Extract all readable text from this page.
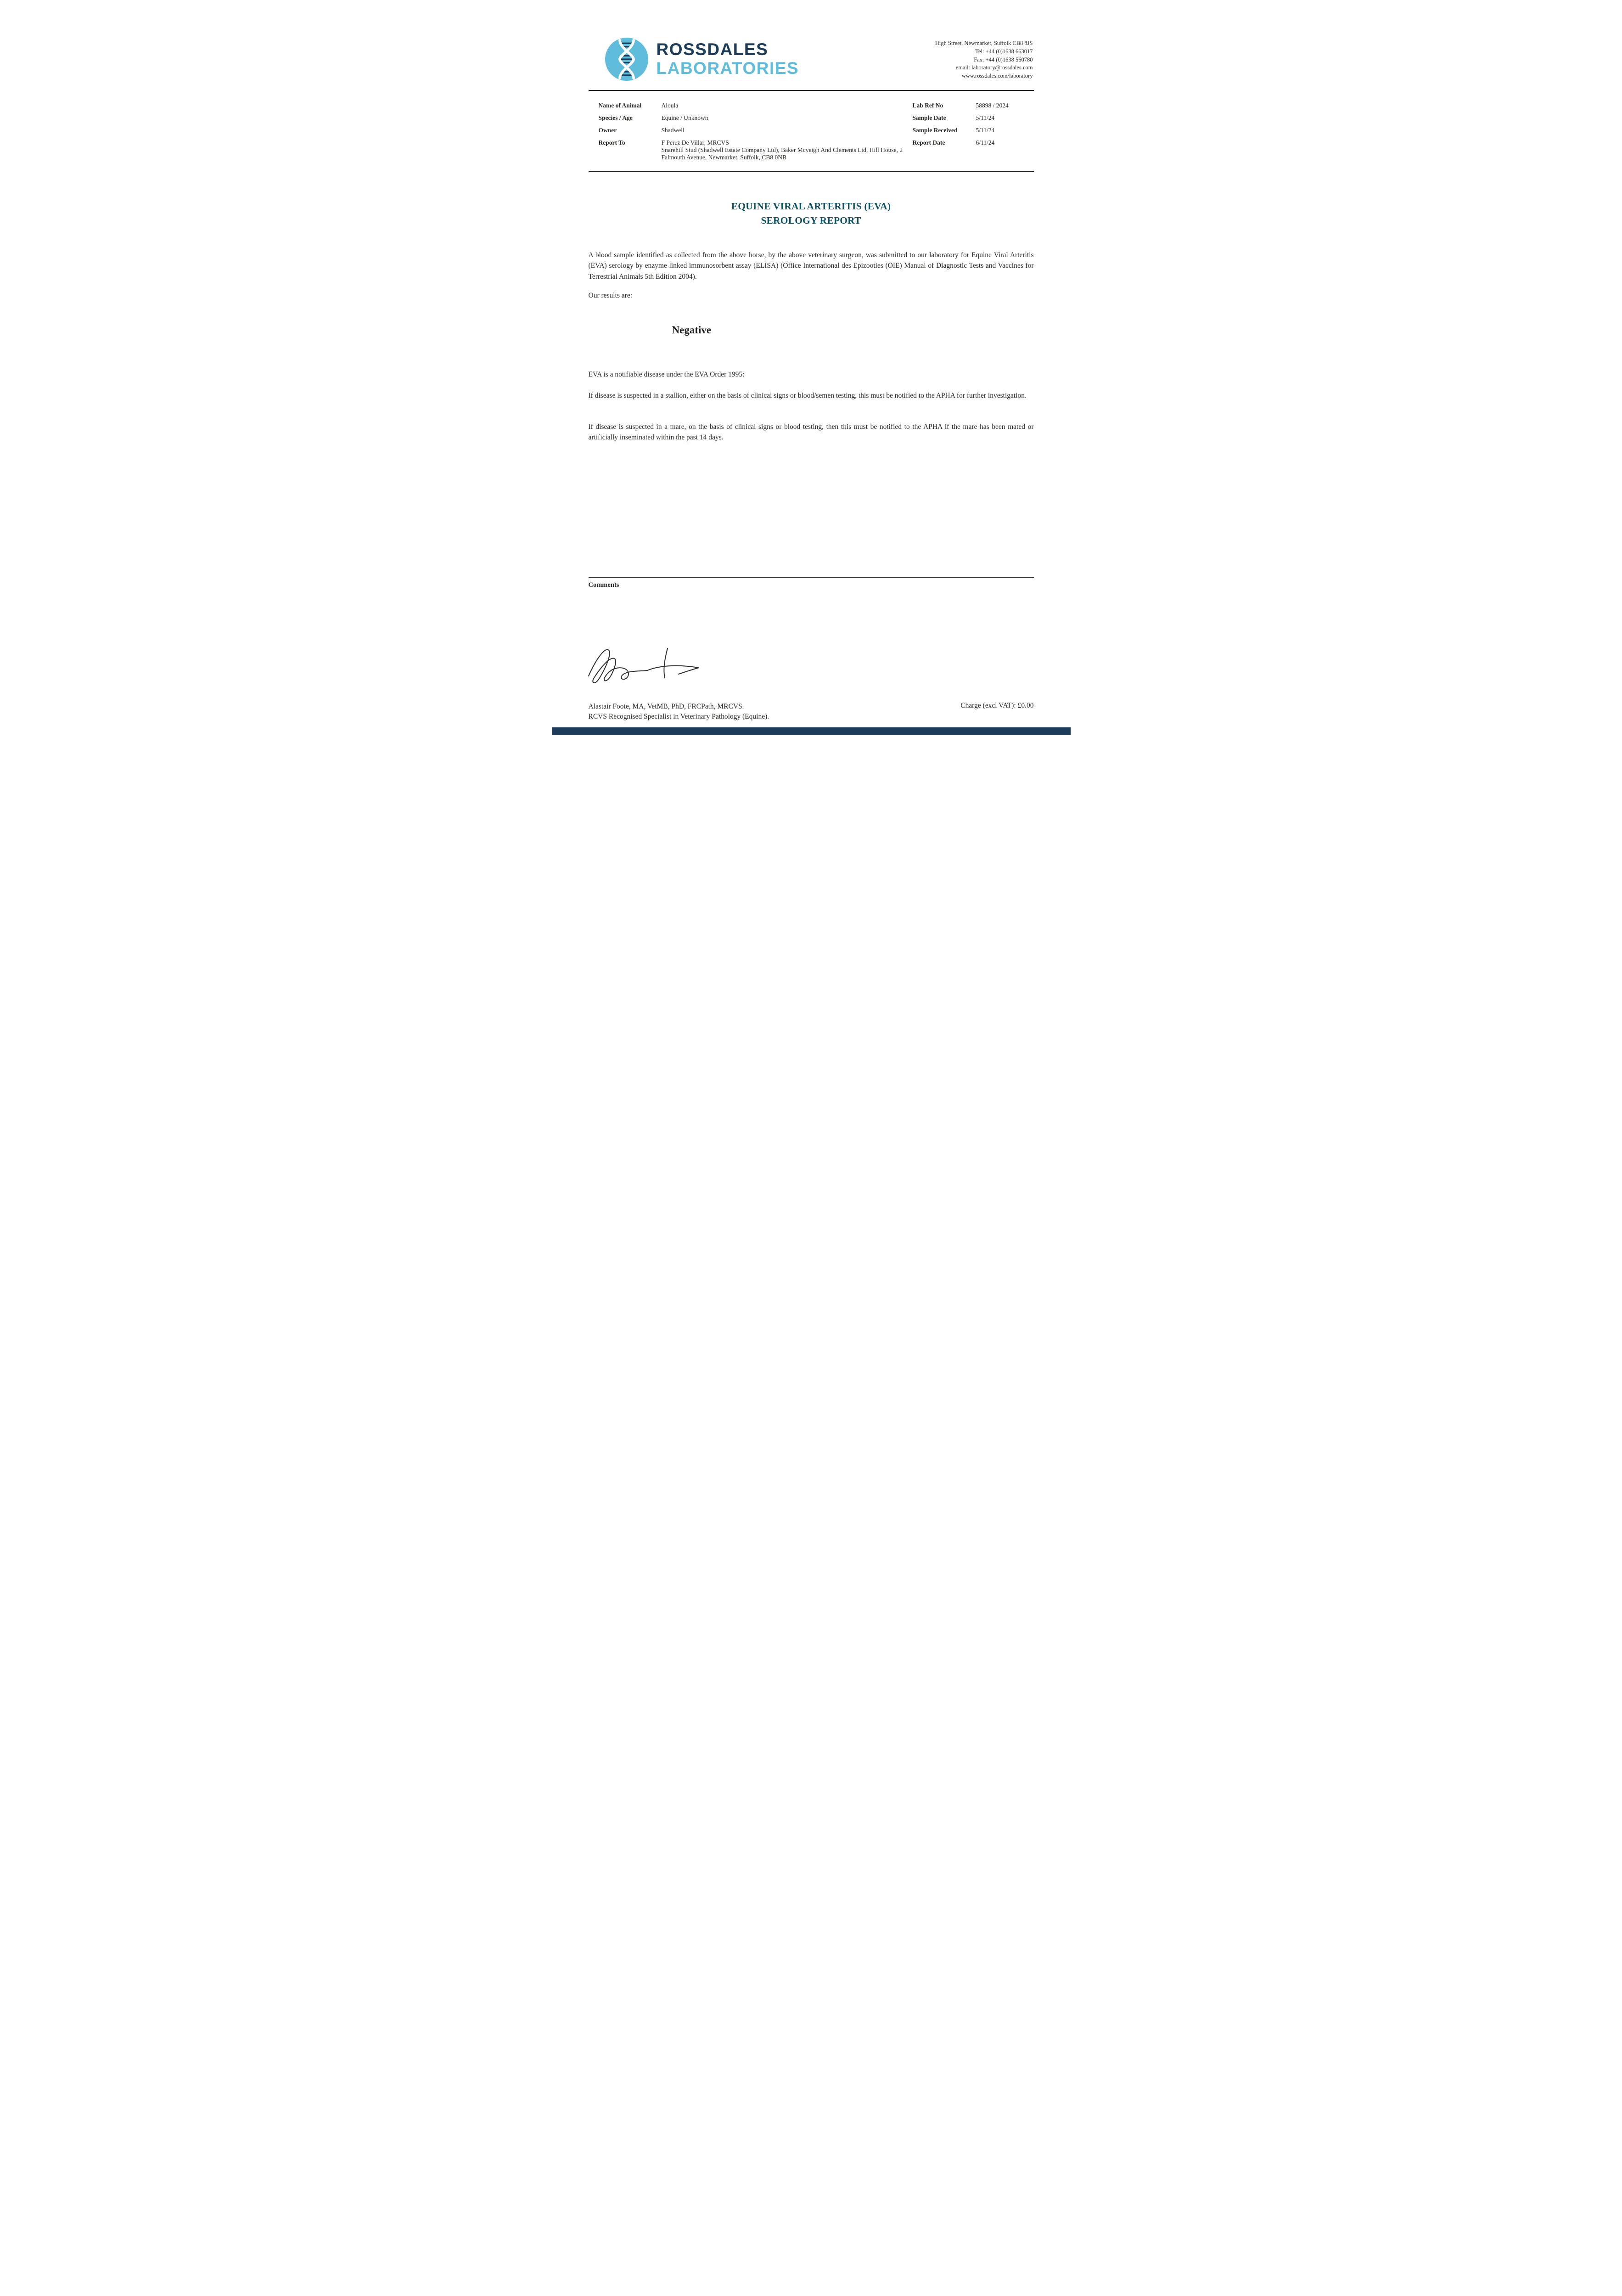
ROSSDALES
LABORATORIES
High Street, Newmarket, Suffolk CB8 8JS
Tel: +44 (0)1638 663017
Fax: +44 (0)1638 560780
email: laboratory@rossdales.com
www.rossdales.com/laboratory
Name of Animal	Aloula
Species / Age	Equine / Unknown
Owner	Shadwell
Report To	F Perez De Villar, MRCVS
Snarehill Stud (Shadwell Estate Company Ltd), Baker Mcveigh And Clements Ltd, Hill House, 2 Falmouth Avenue, Newmarket, Suffolk, CB8 0NB
Lab Ref No	58898 / 2024
Sample Date	5/11/24
Sample Received	5/11/24
Report Date	6/11/24
EQUINE VIRAL ARTERITIS (EVA)
SEROLOGY REPORT
A blood sample identified as collected from the above horse, by the above veterinary surgeon, was submitted to our laboratory for Equine Viral Arteritis (EVA) serology by enzyme linked immunosorbent assay (ELISA) (Office International des Epizooties (OIE) Manual of Diagnostic Tests and Vaccines for Terrestrial Animals 5th Edition 2004).
Our results are:
Negative
EVA is a notifiable disease under the EVA Order 1995:
If disease is suspected in a stallion, either on the basis of clinical signs or blood/semen testing, this must be notified to the APHA for further investigation.
If disease is suspected in a mare, on the basis of clinical signs or blood testing, then this must be notified to the APHA if the mare has been mated or artificially inseminated within the past 14 days.
Comments
Alastair Foote, MA, VetMB, PhD, FRCPath, MRCVS.
RCVS Recognised Specialist in Veterinary Pathology (Equine).
Charge (excl VAT): £0.00
